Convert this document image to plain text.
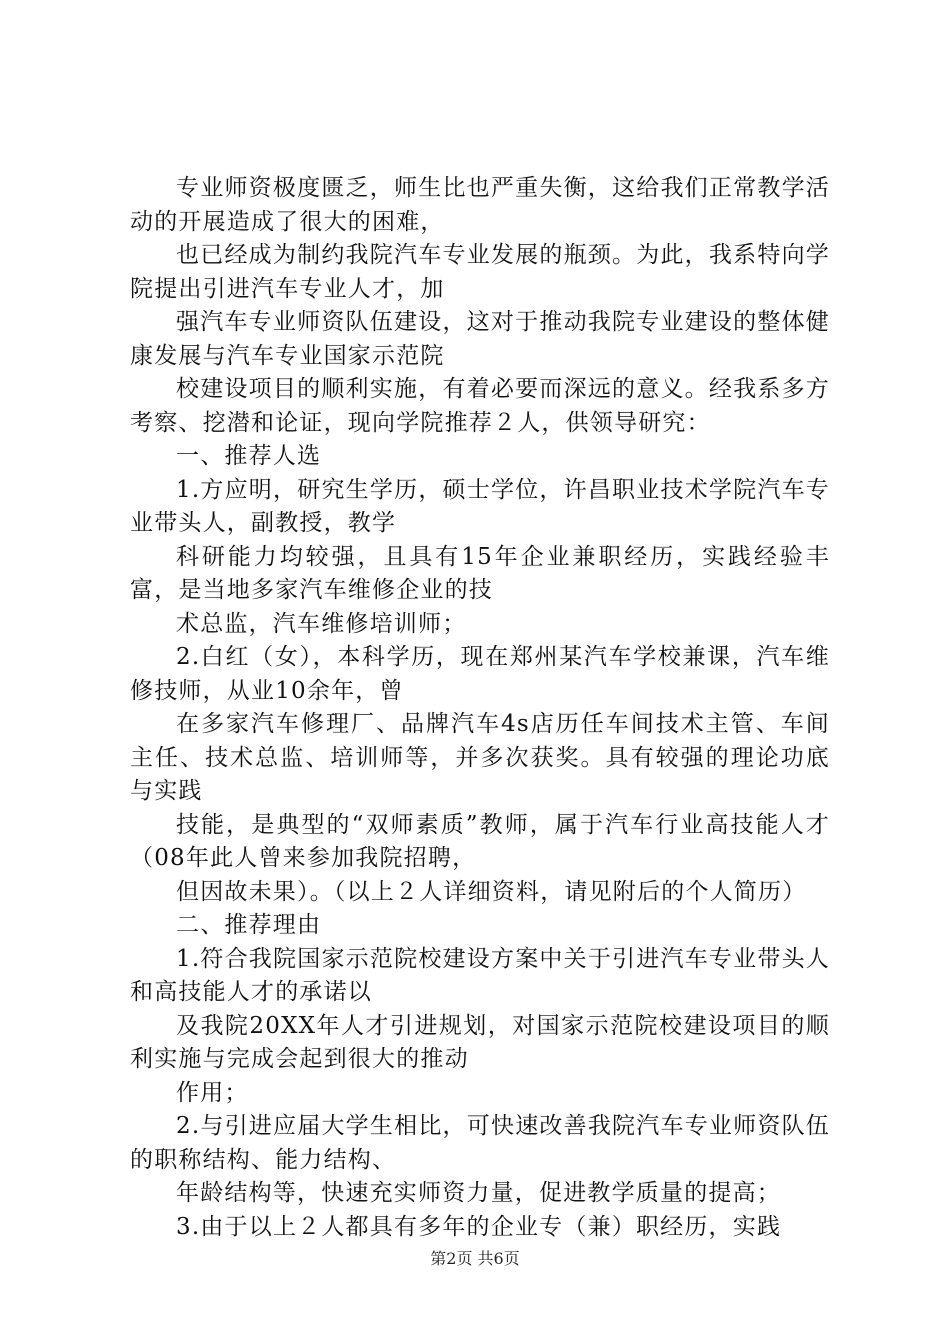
专业师资极度匮乏，师生比也严重失衡，这给我们正常教学活动的开展造成了很大的困难，

也已经成为制约我院汽车专业发展的瓶颈。为此，我系特向学院提出引进汽车专业人才，加

强汽车专业师资队伍建设，这对于推动我院专业建设的整体健康发展与汽车专业国家示范院

校建设项目的顺利实施，有着必要而深远的意义。经我系多方考察、挖潜和论证，现向学院推荐２人，供领导研究：

一、推荐人选

1.方应明，研究生学历，硕士学位，许昌职业技术学院汽车专业带头人，副教授，教学

科研能力均较强，且具有15年企业兼职经历，实践经验丰富，是当地多家汽车维修企业的技

术总监，汽车维修培训师；

2.白红（女），本科学历，现在郑州某汽车学校兼课，汽车维修技师，从业10余年，曾

在多家汽车修理厂、品牌汽车4s店历任车间技术主管、车间主任、技术总监、培训师等，并多次获奖。具有较强的理论功底与实践

技能，是典型的“双师素质”教师，属于汽车行业高技能人才（08年此人曾来参加我院招聘，

但因故未果）。（以上２人详细资料，请见附后的个人简历）

二、推荐理由

1.符合我院国家示范院校建设方案中关于引进汽车专业带头人和高技能人才的承诺以

及我院20XX年人才引进规划，对国家示范院校建设项目的顺利实施与完成会起到很大的推动

作用；

2.与引进应届大学生相比，可快速改善我院汽车专业师资队伍的职称结构、能力结构、

年龄结构等，快速充实师资力量，促进教学质量的提高；

3.由于以上２人都具有多年的企业专（兼）职经历，实践

第2页 共6页
